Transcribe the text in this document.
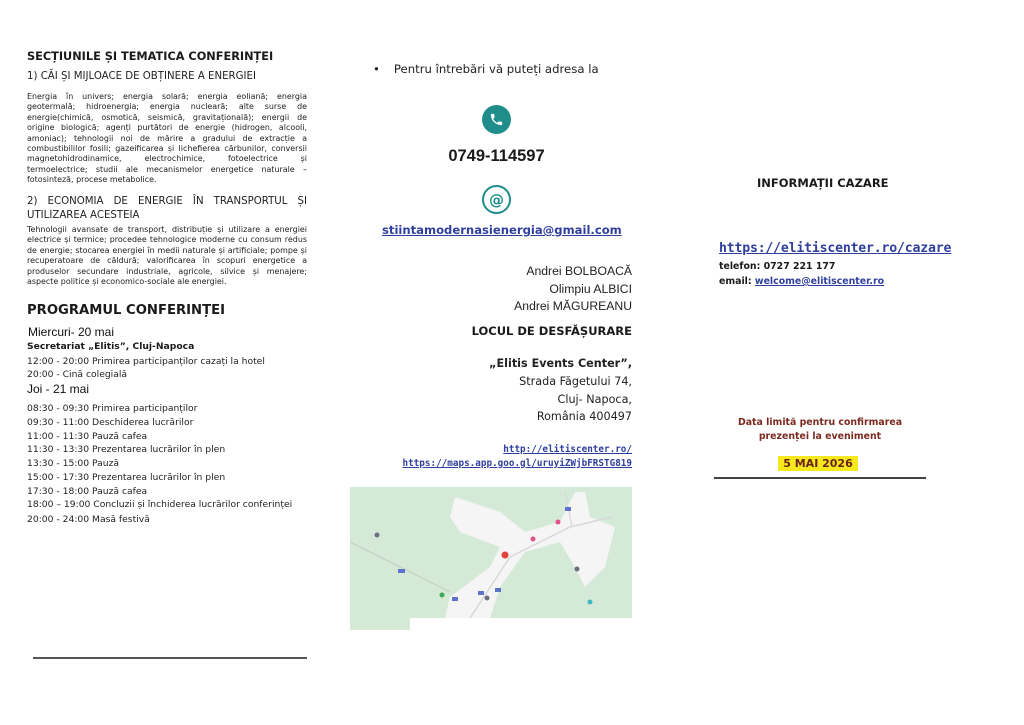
SECȚIUNILE ȘI TEMATICA CONFERINȚEI
1) CĂI ȘI MIJLOACE DE OBȚINERE A ENERGIEI
Energia în univers; energia solară; energia eoliană; energia geotermală; hidroenergia; energia nucleară; alte surse de energie(chimică, osmotică, seismică, gravitațională); energii de origine biologică; agenți purtători de energie (hidrogen, alcooli, amoniac); tehnologii noi de mărire a gradului de extracție a combustibililor fosili; gazeificarea și lichefierea cărbunilor, conversii magnetohidrodinamice, electrochimice, fotoelectrice și termoelectrice; studii ale mecanismelor energetice naturale – fotosinteză, procese metabolice.
2) ECONOMIA DE ENERGIE ÎN TRANSPORTUL ȘI UTILIZAREA ACESTEIA
Tehnologii avansate de transport, distribuție și utilizare a energiei electrice și termice; procedee tehnologice moderne cu consum redus de energie; stocarea energiei în medii naturale și artificiale; pompe și recuperatoare de căldură; valorificarea în scopuri energetice a produselor secundare industriale, agricole, silvice și menajere; aspecte politice și economico-sociale ale energiei.
PROGRAMUL CONFERINȚEI
Miercuri- 20 mai
Secretariat „Elitis”, Cluj-Napoca
12:00 - 20:00 Primirea participanților cazați la hotel
20:00 - Cină colegială
Joi - 21 mai
08:30 - 09:30 Primirea participanților
09:30 - 11:00 Deschiderea lucrărilor
11:00 - 11:30 Pauză cafea
11:30 - 13:30 Prezentarea lucrărilor în plen
13:30 - 15:00 Pauză
15:00 - 17:30 Prezentarea lucrărilor în plen
17:30 - 18:00 Pauză cafea
18:00 – 19:00 Concluzii și închiderea lucrărilor conferinței
20:00 - 24:00 Masă festivă
• Pentru întrebări vă puteți adresa la
0749-114597
@
stiintamodernasienergia@gmail.com
Andrei BOLBOACĂ
Olimpiu ALBICI
Andrei MĂGUREANU
LOCUL DE DESFĂȘURARE
„Elitis Events Center”,
Strada Făgetului 74,
Cluj- Napoca,
România 400497
http://elitiscenter.ro/
https://maps.app.goo.gl/uruyiZWjbFRSTG819
INFORMAȚII CAZARE
https://elitiscenter.ro/cazare
telefon: 0727 221 177
email: welcome@elitiscenter.ro
Data limită pentru confirmarea prezenței la eveniment
5 MAI 2026
